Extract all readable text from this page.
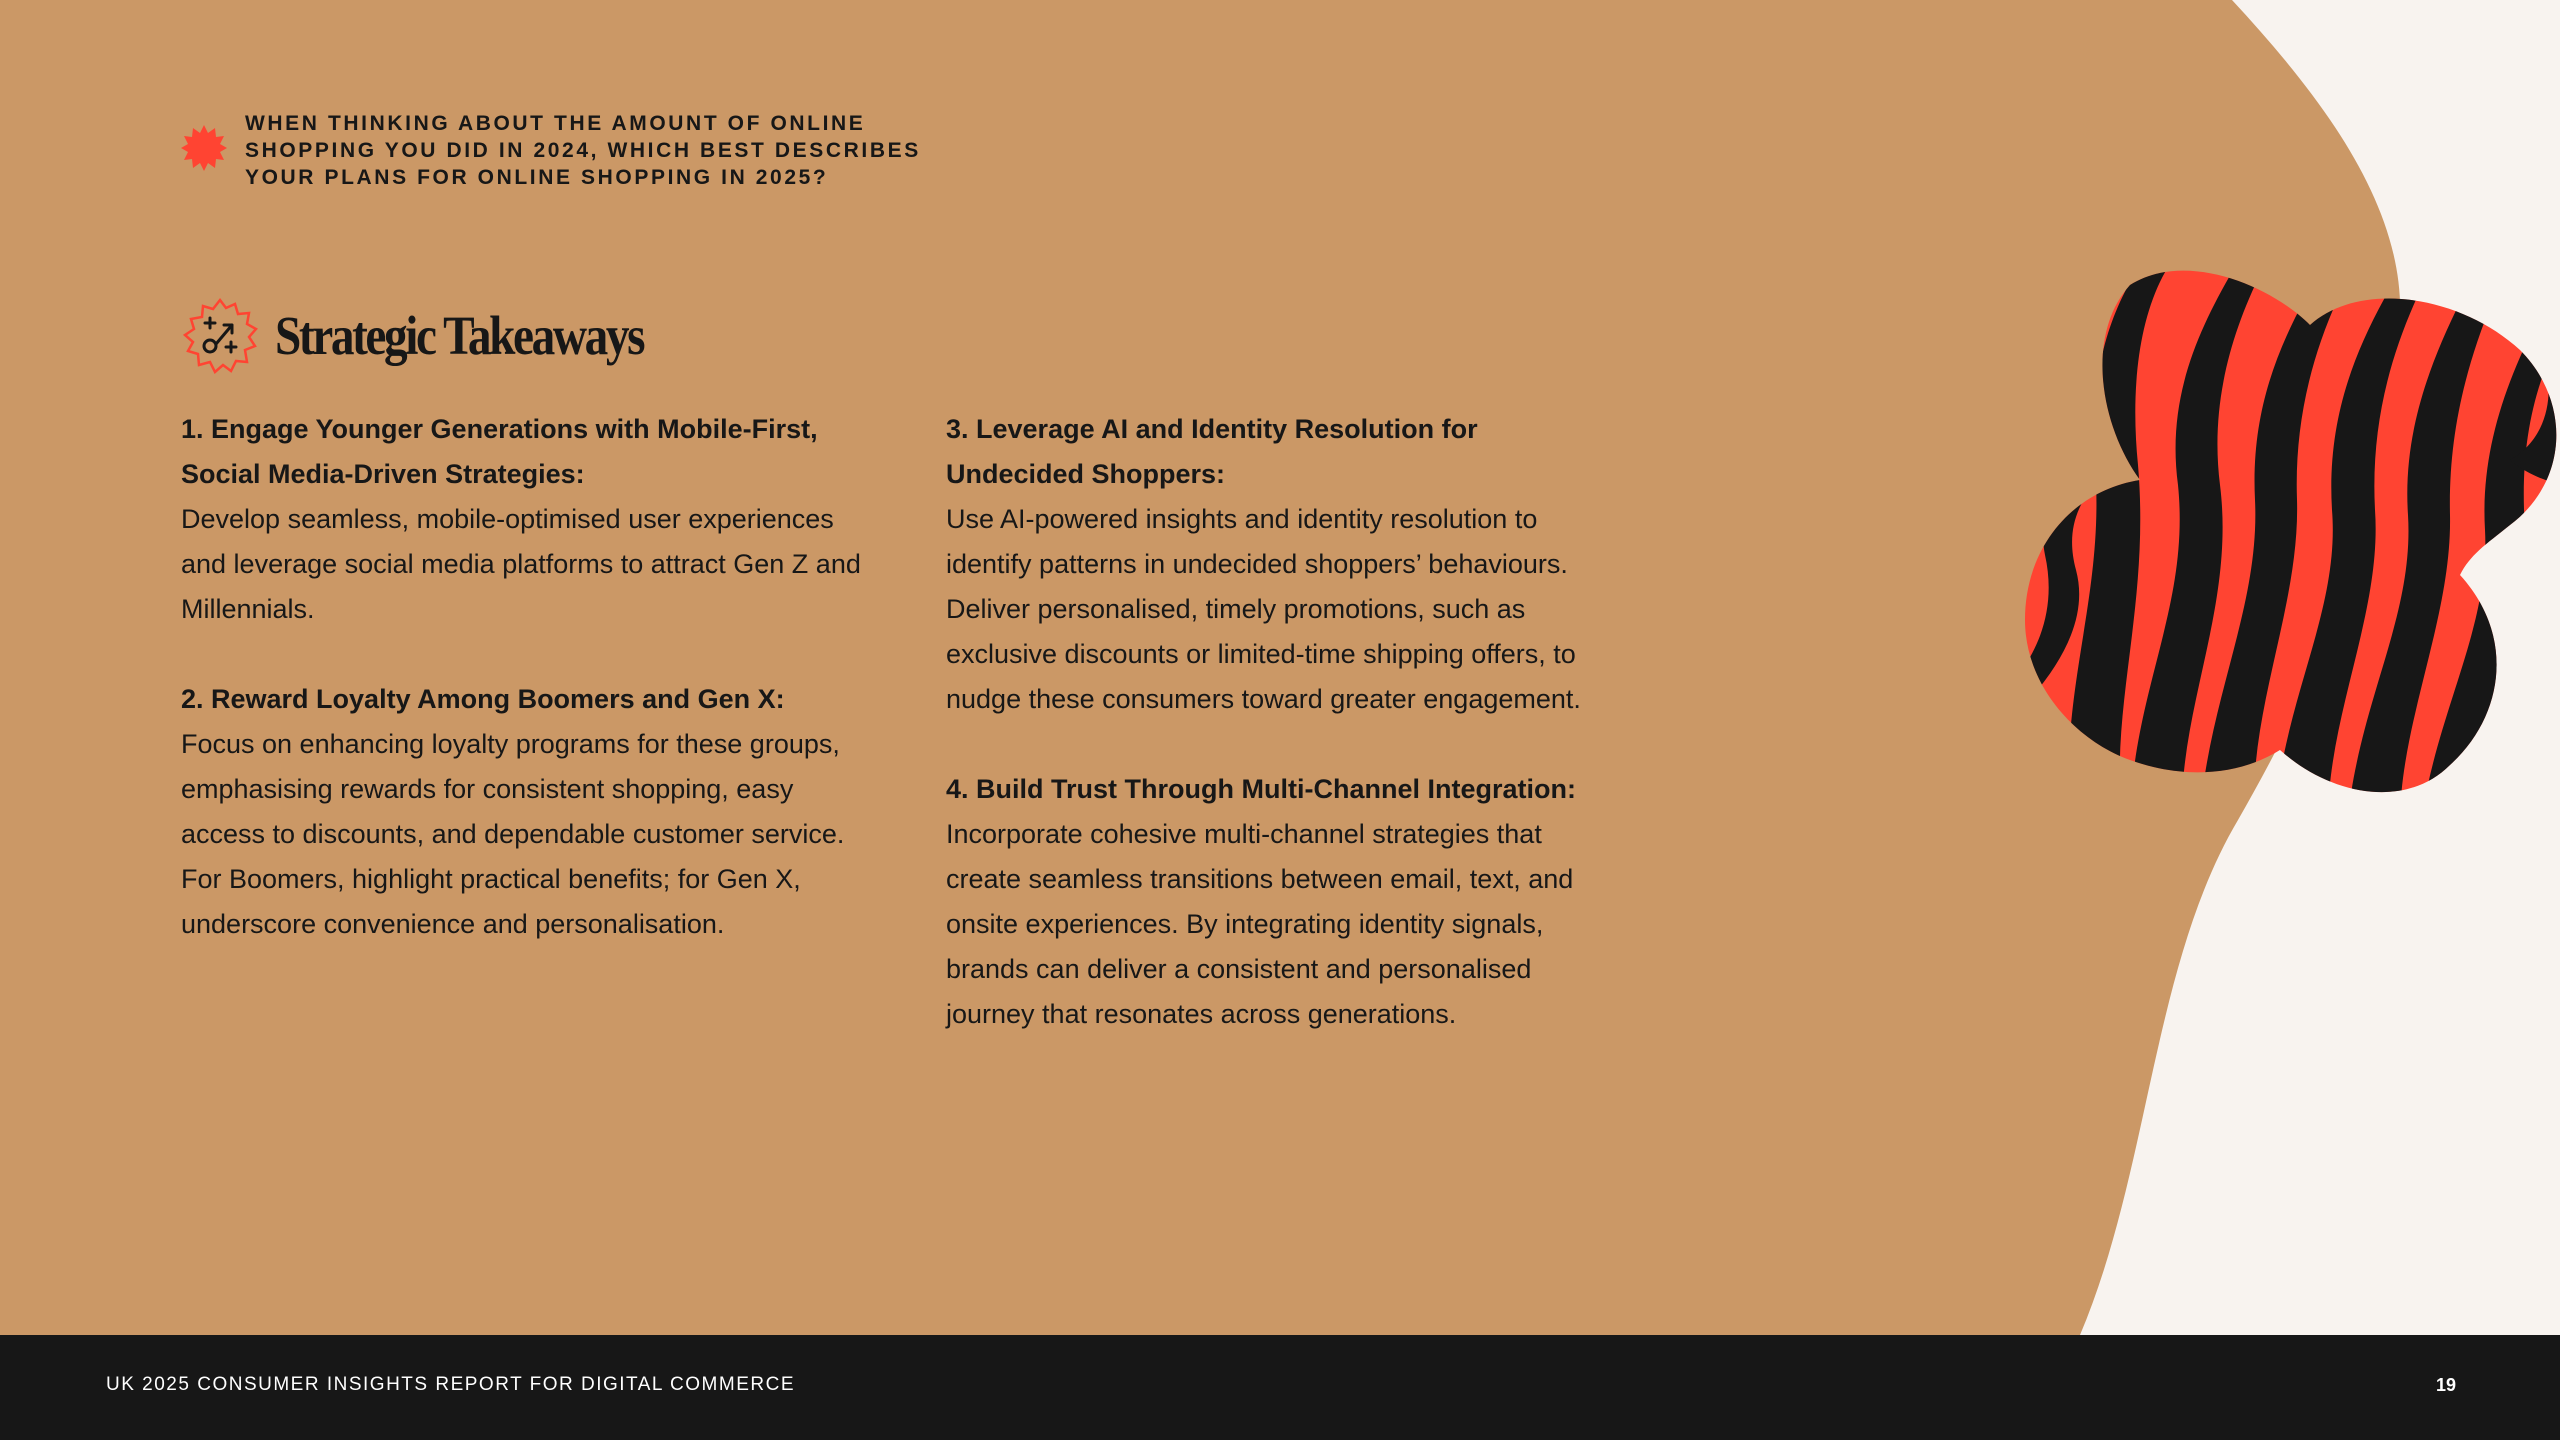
WHEN THINKING ABOUT THE AMOUNT OF ONLINE SHOPPING YOU DID IN 2024, WHICH BEST DESCRIBES YOUR PLANS FOR ONLINE SHOPPING IN 2025?
Strategic Takeaways
1. Engage Younger Generations with Mobile-First, Social Media-Driven Strategies:
Develop seamless, mobile-optimised user experiences and leverage social media platforms to attract Gen Z and Millennials.
2. Reward Loyalty Among Boomers and Gen X:
Focus on enhancing loyalty programs for these groups, emphasising rewards for consistent shopping, easy access to discounts, and dependable customer service. For Boomers, highlight practical benefits; for Gen X, underscore convenience and personalisation.
3. Leverage AI and Identity Resolution for Undecided Shoppers:
Use AI-powered insights and identity resolution to identify patterns in undecided shoppers’ behaviours. Deliver personalised, timely promotions, such as exclusive discounts or limited-time shipping offers, to nudge these consumers toward greater engagement.
4. Build Trust Through Multi-Channel Integration:
Incorporate cohesive multi-channel strategies that create seamless transitions between email, text, and onsite experiences. By integrating identity signals, brands can deliver a consistent and personalised journey that resonates across generations.
UK 2025 CONSUMER INSIGHTS REPORT FOR DIGITAL COMMERCE	19
